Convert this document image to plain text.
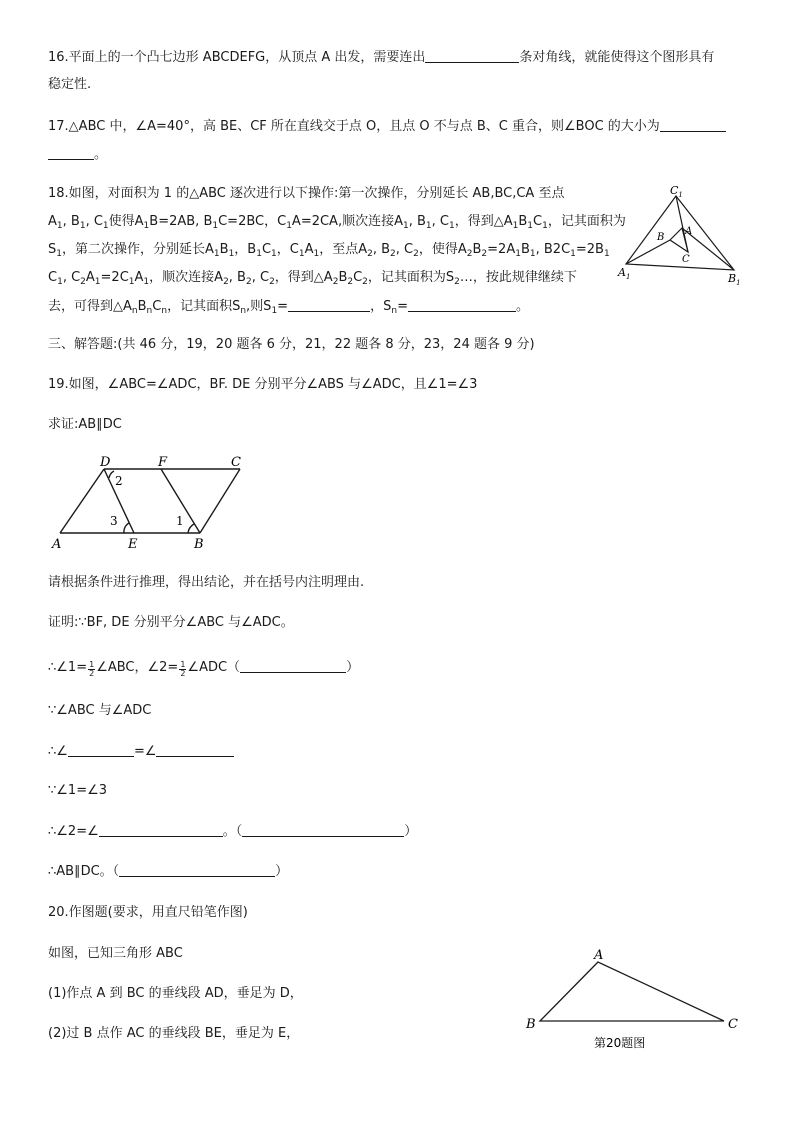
16.平面上的一个凸七边形 ABCDEFG，从顶点 A 出发，需要连出	条对角线，就能使得这个图形具有
稳定性.
17.△ABC 中，∠A=40°，高 BE、CF 所在直线交于点 O，且点 O 不与点 B、C 重合，则∠BOC 的大小为
。
18.如图，对面积为 1 的△ABC 逐次进行以下操作:第一次操作，分别延长 AB,BC,CA 至点
$A_1$, $B_1$, $C_1$使得$A_1B=2AB$, $B_1C=2BC$，$C_1A=2CA$,顺次连接$A_1$, $B_1$, $C_1$，得到$\triangle A_1B_1C_1$，记其面积为
$S_1$，第二次操作，分别延长$A_1B_1$，$B_1C_1$，$C_1A_1$，至点$A_2$, $B_2$, $C_2$，使得$A_2B_2=2A_1B_1$, $B2C_1=2B_1$
$C_1$, $C_2A_1=2C_1A_1$，顺次连接$A_2$, $B_2$, $C_2$，得到$\triangle A_2B_2C_2$，记其面积为$S_2\dots$，按此规律继续下
去，可得到$\triangle A_nB_nC_n$，记其面积$S_n$,则$S_1=$	，$S_n=$	。
$C_1$
$A_1$	$B_1$
B
A
C
三、解答题:(共 46 分，19，20 题各 6 分，21，22 题各 8 分，23，24 题各 9 分)
19.如图，∠ABC=∠ADC，BF. DE 分别平分∠ABS 与∠ADC，且∠1=∠3
求证:AB∥DC
D	F	C
A	E	B
2
3	1
请根据条件进行推理，得出结论，并在括号内注明理由.
证明:∵BF, DE 分别平分∠ABC 与∠ADC。
∴∠1= $\frac{1}{2}$ ∠ABC，∠2= $\frac{1}{2}$ ∠ADC（	）
∵∠ABC 与∠ADC
∴∠	=∠
∵∠1=∠3
∴∠2=∠	。（	）
∴AB∥DC。（	）
20.作图题(要求，用直尺铅笔作图)
如图，已知三角形 ABC
(1)作点 A 到 BC 的垂线段 AD，垂足为 D，
(2)过 B 点作 AC 的垂线段 BE，垂足为 E，
A
B	C
第20题图
